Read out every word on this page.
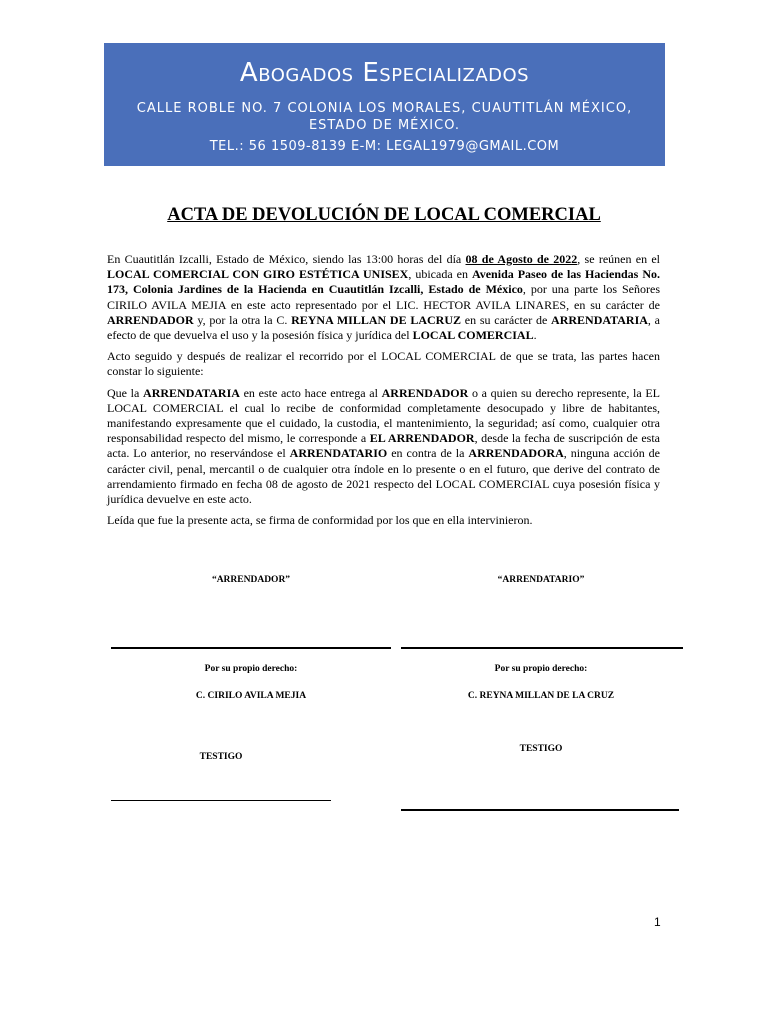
Abogados Especializados
CALLE ROBLE NO. 7 COLONIA LOS MORALES, CUAUTITLÁN MÉXICO, ESTADO DE MÉXICO.
TEL.: 56 1509-8139 E-M: LEGAL1979@GMAIL.COM
ACTA DE DEVOLUCIÓN DE LOCAL COMERCIAL

En Cuautitlán Izcalli, Estado de México, siendo las 13:00 horas del día 08 de Agosto de 2022, se reúnen en el LOCAL COMERCIAL CON GIRO ESTÉTICA UNISEX, ubicada en Avenida Paseo de las Haciendas No. 173, Colonia Jardines de la Hacienda en Cuautitlán Izcalli, Estado de México, por una parte los Señores CIRILO AVILA MEJIA en este acto representado por el LIC. HECTOR AVILA LINARES, en su carácter de ARRENDADOR y, por la otra la C. REYNA MILLAN DE LACRUZ en su carácter de ARRENDATARIA, a efecto de que devuelva el uso y la posesión física y jurídica del LOCAL COMERCIAL.

Acto seguido y después de realizar el recorrido por el LOCAL COMERCIAL de que se trata, las partes hacen constar lo siguiente:

Que la ARRENDATARIA en este acto hace entrega al ARRENDADOR o a quien su derecho represente, la EL LOCAL COMERCIAL el cual lo recibe de conformidad completamente desocupado y libre de habitantes, manifestando expresamente que el cuidado, la custodia, el mantenimiento, la seguridad; así como, cualquier otra responsabilidad respecto del mismo, le corresponde a EL ARRENDADOR, desde la fecha de suscripción de esta acta. Lo anterior, no reservándose el ARRENDATARIO en contra de la ARRENDADORA, ninguna acción de carácter civil, penal, mercantil o de cualquier otra índole en lo presente o en el futuro, que derive del contrato de arrendamiento firmado en fecha 08 de agosto de 2021 respecto del LOCAL COMERCIAL cuya posesión física y jurídica devuelve en este acto.

Leída que fue la presente acta, se firma de conformidad por los que en ella intervinieron.

“ARRENDADOR”	“ARRENDATARIO”
Por su propio derecho:	Por su propio derecho:
C. CIRILO AVILA MEJIA	C. REYNA MILLAN DE LA CRUZ
TESTIGO
TESTIGO
1
